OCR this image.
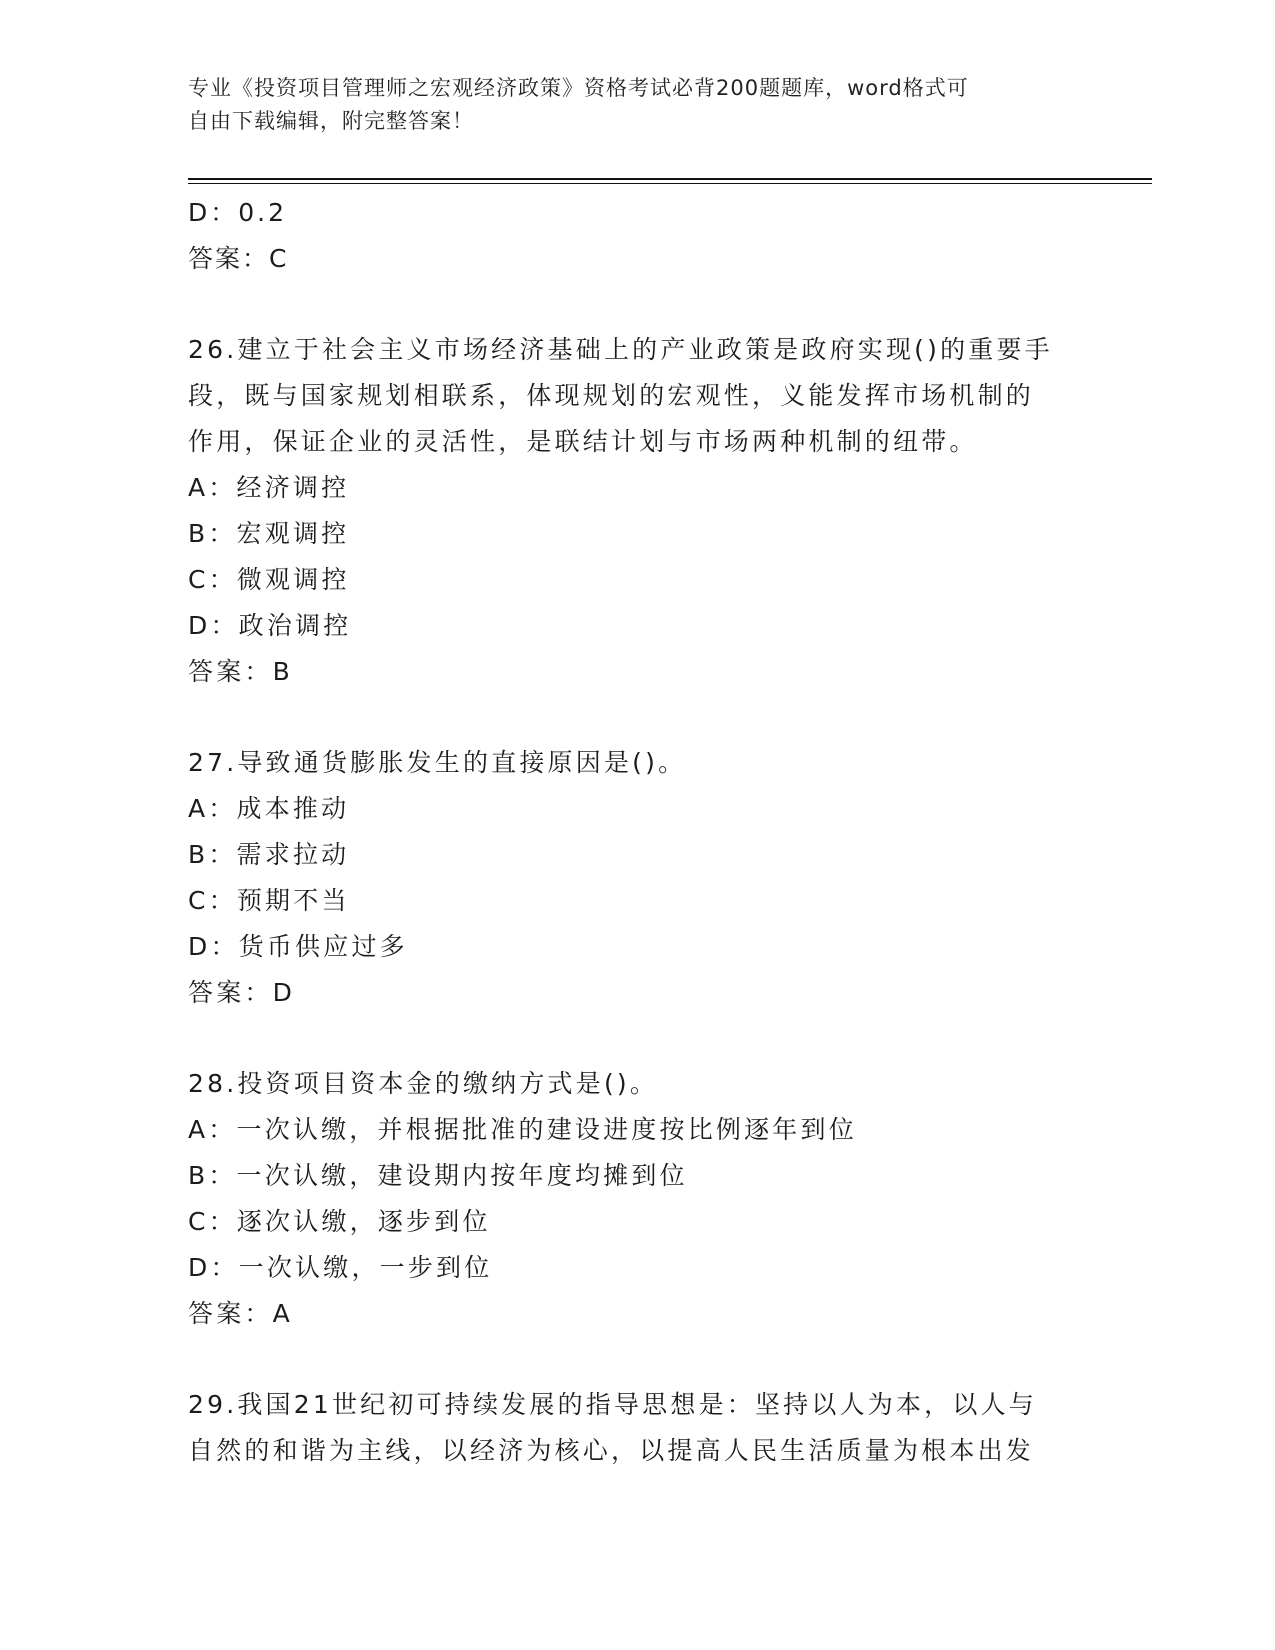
专业《投资项目管理师之宏观经济政策》资格考试必背200题题库，word格式可
自由下载编辑，附完整答案！
D：0.2
答案：C
26.建立于社会主义市场经济基础上的产业政策是政府实现()的重要手
段，既与国家规划相联系，体现规划的宏观性，义能发挥市场机制的
作用，保证企业的灵活性，是联结计划与市场两种机制的纽带。
A：经济调控
B：宏观调控
C：微观调控
D：政治调控
答案：B
27.导致通货膨胀发生的直接原因是()。
A：成本推动
B：需求拉动
C：预期不当
D：货币供应过多
答案：D
28.投资项目资本金的缴纳方式是()。
A：一次认缴，并根据批准的建设进度按比例逐年到位
B：一次认缴，建设期内按年度均摊到位
C：逐次认缴，逐步到位
D：一次认缴，一步到位
答案：A
29.我国21世纪初可持续发展的指导思想是：坚持以人为本，以人与
自然的和谐为主线，以经济为核心，以提高人民生活质量为根本出发
